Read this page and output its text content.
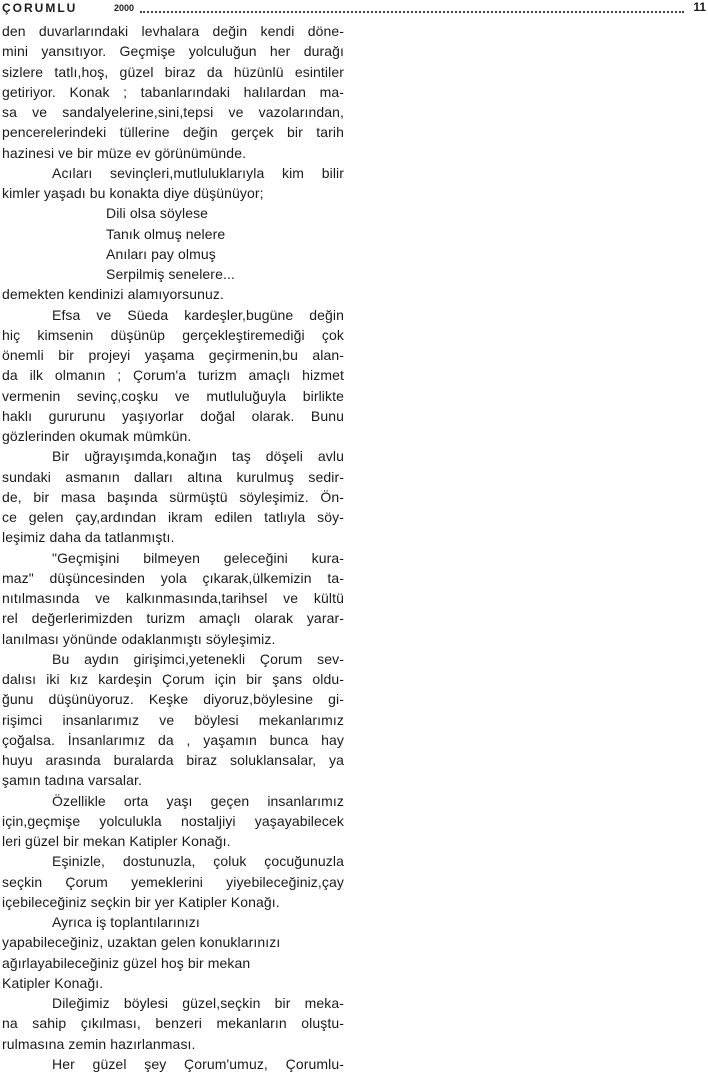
ÇORUMLU	2000	11
den duvarlarındaki levhalara değin kendi döne-
mini yansıtıyor. Geçmişe yolculuğun her durağı
sizlere tatlı,hoş, güzel biraz da hüzünlü esintiler
getiriyor. Konak ; tabanlarındaki halılardan ma-
sa ve sandalyelerine,sini,tepsi ve vazolarından,
pencerelerindeki tüllerine değin gerçek bir tarih
hazinesi ve bir müze ev görünümünde.
Acıları sevinçleri,mutluluklarıyla kim bilir
kimler yaşadı bu konakta diye düşünüyor;
Dili olsa söylese
Tanık olmuş nelere
Anıları pay olmuş
Serpilmiş senelere...
demekten kendinizi alamıyorsunuz.
Efsa ve Süeda kardeşler,bugüne değin
hiç kimsenin düşünüp gerçekleştiremediği çok
önemli bir projeyi yaşama geçirmenin,bu alan-
da ilk olmanın ; Çorum'a turizm amaçlı hizmet
vermenin sevinç,coşku ve mutluluğuyla birlikte
haklı gururunu yaşıyorlar doğal olarak. Bunu
gözlerinden okumak mümkün.
Bir uğrayışımda,konağın taş döşeli avlu
sundaki asmanın dalları altına kurulmuş sedir-
de, bir masa başında sürmüştü söyleşimiz. Ön-
ce gelen çay,ardından ikram edilen tatlıyla söy-
leşimiz daha da tatlanmıştı.
"Geçmişini bilmeyen geleceğini kura-
maz" düşüncesinden yola çıkarak,ülkemizin ta-
nıtılmasında ve kalkınmasında,tarihsel ve kültü
rel değerlerimizden turizm amaçlı olarak yarar-
lanılması yönünde odaklanmıştı söyleşimiz.
Bu aydın girişimci,yetenekli Çorum sev-
dalısı iki kız kardeşin Çorum için bir şans oldu-
ğunu düşünüyoruz. Keşke diyoruz,böylesine gi-
rişimci insanlarımız ve böylesi mekanlarımız
çoğalsa. İnsanlarımız da , yaşamın bunca hay
huyu arasında buralarda biraz soluklansalar, ya
şamın tadına varsalar.
Özellikle orta yaşı geçen insanlarımız
için,geçmişe yolculukla nostaljiyi yaşayabilecek
leri güzel bir mekan Katipler Konağı.
Eşinizle, dostunuzla, çoluk çocuğunuzla
seçkin Çorum yemeklerini yiyebileceğiniz,çay
içebileceğiniz seçkin bir yer Katipler Konağı.
Ayrıca iş toplantılarınızı
yapabileceğiniz, uzaktan gelen konuklarınızı
ağırlayabileceğiniz güzel hoş bir mekan
Katipler Konağı.
Dileğimiz böylesi güzel,seçkin bir meka-
na sahip çıkılması, benzeri mekanların oluştu-
rulmasına zemin hazırlanması.
Her güzel şey Çorum'umuz, Çorumlu-
